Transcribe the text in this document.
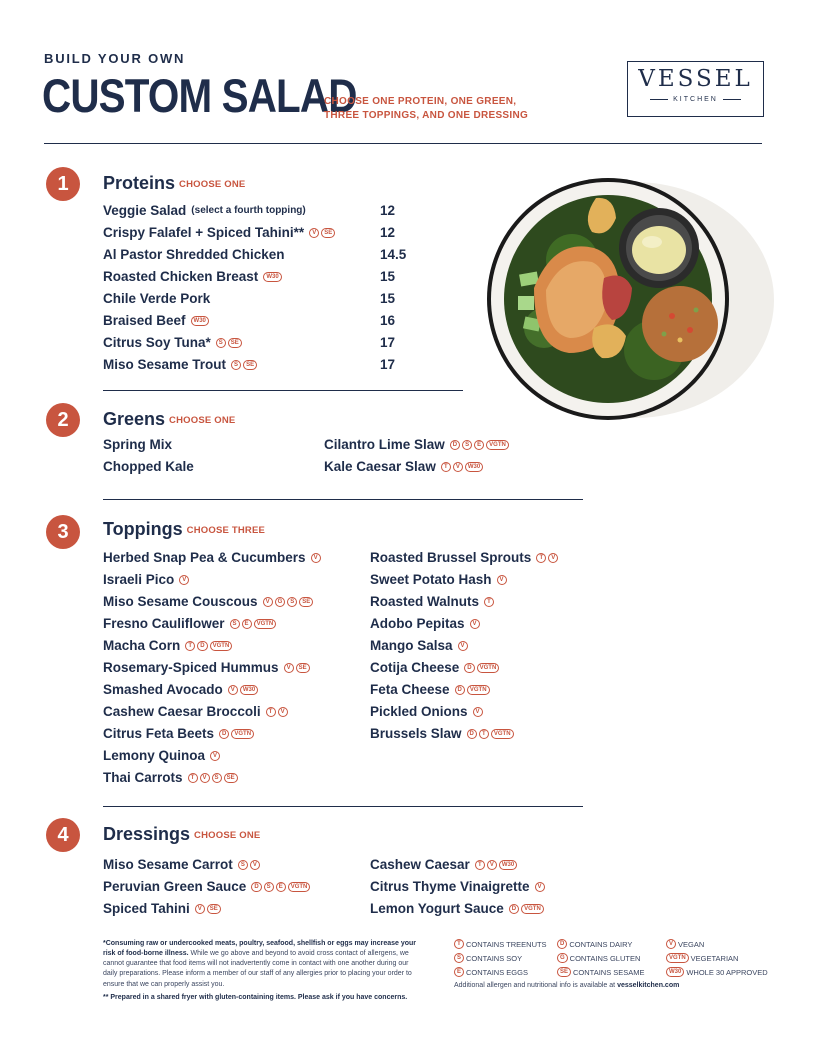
BUILD YOUR OWN
CUSTOM SALAD
CHOOSE ONE PROTEIN, ONE GREEN,
THREE TOPPINGS, AND ONE DRESSING
VESSEL
KITCHEN
1	Proteins CHOOSE ONE
Veggie Salad (select a fourth topping)	12
Crispy Falafel + Spiced Tahini**	V	SE	12
Al Pastor Shredded Chicken	14.5
Roasted Chicken Breast	W30	15
Chile Verde Pork	15
Braised Beef	W30	16
Citrus Soy Tuna*	S	SE	17
Miso Sesame Trout	S	SE	17
2	Greens CHOOSE ONE
Spring Mix
Chopped Kale
Cilantro Lime Slaw	D	S	E	VGTN
Kale Caesar Slaw	T	V	W30
3	Toppings CHOOSE THREE
Herbed Snap Pea & Cucumbers	V
Israeli Pico	V
Miso Sesame Couscous	V	G	S	SE
Fresno Cauliflower	S	E	VGTN
Macha Corn	T	D	VGTN
Rosemary-Spiced Hummus	V	SE
Smashed Avocado	V	W30
Cashew Caesar Broccoli	T	V
Citrus Feta Beets	D	VGTN
Lemony Quinoa	V
Thai Carrots	T	V	S	SE
Roasted Brussel Sprouts	T	V
Sweet Potato Hash	V
Roasted Walnuts	T
Adobo Pepitas	V
Mango Salsa	V
Cotija Cheese	D	VGTN
Feta Cheese	D	VGTN
Pickled Onions	V
Brussels Slaw	D	T	VGTN
4	Dressings CHOOSE ONE
Miso Sesame Carrot	S	V
Peruvian Green Sauce	D	S	E	VGTN
Spiced Tahini	V	SE
Cashew Caesar	T	V	W30
Citrus Thyme Vinaigrette	V
Lemon Yogurt Sauce	D	VGTN
*Consuming raw or undercooked meats, poultry, seafood, shellfish or eggs may increase your risk of food-borne illness. While we go above and beyond to avoid cross contact of allergens, we cannot guarantee that food items will not inadvertently come in contact with one another during our daily preparations. Please inform a member of our staff of any allergies prior to placing your order to ensure that we can properly assist you.
** Prepared in a shared fryer with gluten-containing items. Please ask if you have concerns.
T CONTAINS TREENUTS
S CONTAINS SOY
E CONTAINS EGGS
D CONTAINS DAIRY
G CONTAINS GLUTEN
SE CONTAINS SESAME
V VEGAN
VGTN VEGETARIAN
W30 WHOLE 30 APPROVED
Additional allergen and nutritional info is available at vesselkitchen.com
